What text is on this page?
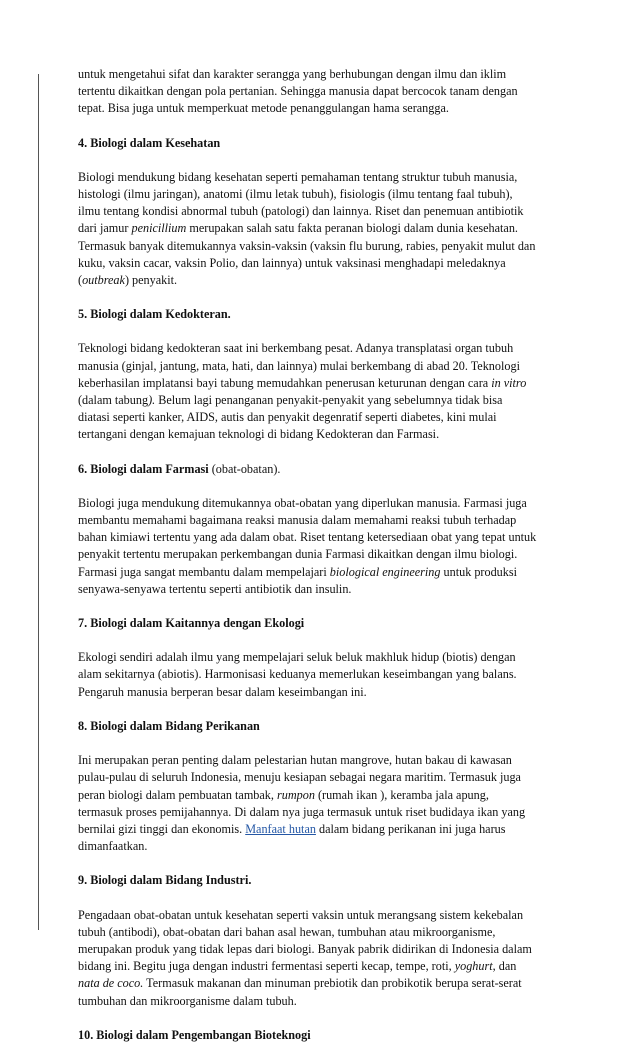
untuk mengetahui sifat dan karakter serangga yang berhubungan dengan ilmu dan iklim
tertentu dikaitkan dengan pola pertanian. Sehingga manusia dapat bercocok tanam dengan
tepat. Bisa juga untuk memperkuat metode penanggulangan hama serangga.
4. Biologi dalam Kesehatan
Biologi mendukung bidang kesehatan seperti pemahaman tentang struktur tubuh manusia,
histologi (ilmu jaringan), anatomi (ilmu letak tubuh), fisiologis (ilmu tentang faal tubuh),
ilmu tentang kondisi abnormal tubuh (patologi) dan lainnya. Riset dan penemuan antibiotik
dari jamur penicillium merupakan salah satu fakta peranan biologi dalam dunia kesehatan.
Termasuk banyak ditemukannya vaksin-vaksin (vaksin flu burung, rabies, penyakit mulut dan
kuku, vaksin cacar, vaksin Polio, dan lainnya) untuk vaksinasi menghadapi meledaknya
(outbreak) penyakit.
5. Biologi dalam Kedokteran.
Teknologi bidang kedokteran saat ini berkembang pesat. Adanya transplatasi organ tubuh
manusia (ginjal, jantung, mata, hati, dan lainnya) mulai berkembang di abad 20. Teknologi
keberhasilan implatansi bayi tabung memudahkan penerusan keturunan dengan cara in vitro
(dalam tabung). Belum lagi penanganan penyakit-penyakit yang sebelumnya tidak bisa
diatasi seperti kanker, AIDS, autis dan penyakit degenratif seperti diabetes, kini mulai
tertangani dengan kemajuan teknologi di bidang Kedokteran dan Farmasi.
6. Biologi dalam Farmasi (obat-obatan).
Biologi juga mendukung ditemukannya obat-obatan yang diperlukan manusia. Farmasi juga
membantu memahami bagaimana reaksi manusia dalam memahami reaksi tubuh terhadap
bahan kimiawi tertentu yang ada dalam obat. Riset tentang ketersediaan obat yang tepat untuk
penyakit tertentu merupakan perkembangan dunia Farmasi dikaitkan dengan ilmu biologi.
Farmasi juga sangat membantu dalam mempelajari biological engineering untuk produksi
senyawa-senyawa tertentu seperti antibiotik dan insulin.
7. Biologi dalam Kaitannya dengan Ekologi
Ekologi sendiri adalah ilmu yang mempelajari seluk beluk makhluk hidup (biotis) dengan
alam sekitarnya (abiotis). Harmonisasi keduanya memerlukan keseimbangan yang balans.
Pengaruh manusia berperan besar dalam keseimbangan ini.
8. Biologi dalam Bidang Perikanan
Ini merupakan peran penting dalam pelestarian hutan mangrove, hutan bakau di kawasan
pulau-pulau di seluruh Indonesia, menuju kesiapan sebagai negara maritim. Termasuk juga
peran biologi dalam pembuatan tambak, rumpon (rumah ikan ), keramba jala apung,
termasuk proses pemijahannya. Di dalam nya juga termasuk untuk riset budidaya ikan yang
bernilai gizi tinggi dan ekonomis. Manfaat hutan dalam bidang perikanan ini juga harus
dimanfaatkan.
9. Biologi dalam Bidang Industri.
Pengadaan obat-obatan untuk kesehatan seperti vaksin untuk merangsang sistem kekebalan
tubuh (antibodi), obat-obatan dari bahan asal hewan, tumbuhan atau mikroorganisme,
merupakan produk yang tidak lepas dari biologi. Banyak pabrik didirikan di Indonesia dalam
bidang ini. Begitu juga dengan industri fermentasi seperti kecap, tempe, roti, yoghurt, dan
nata de coco. Termasuk makanan dan minuman prebiotik dan probikotik berupa serat-serat
tumbuhan dan mikroorganisme dalam tubuh.
10. Biologi dalam Pengembangan Bioteknogi
